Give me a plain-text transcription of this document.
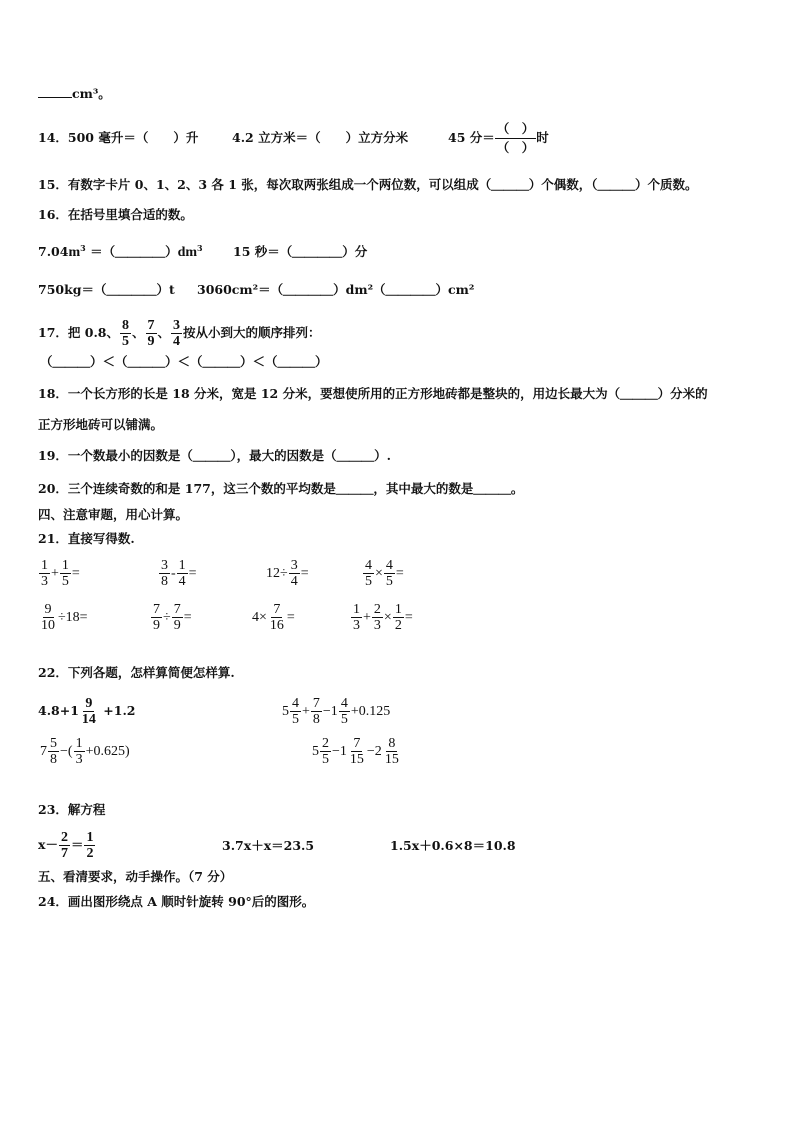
cm³。
14．500 毫升＝（　　）升	4.2 立方米＝（　　）立方分米	45 分＝
（　）
（　）
时
15．有数字卡片 0、1、2、3 各 1 张，每次取两张组成一个两位数，可以组成（＿＿＿）个偶数，（＿＿＿）个质数。
16．在括号里填合适的数。
$7.04m^3$ $=(\_\_\_\_)dm^3$ 15 秒＝（＿＿＿＿）分
750kg＝（＿＿＿＿）t 3060cm²＝（＿＿＿＿）dm²（＿＿＿＿）cm²
17．把 0.8、 $\frac{8}{5}$ 、 $\frac{7}{9}$ 、 $\frac{3}{4}$ 按从小到大的顺序排列：
（＿＿＿）＜（＿＿＿）＜（＿＿＿）＜（＿＿＿）
18．一个长方形的长是 18 分米，宽是 12 分米，要想使所用的正方形地砖都是整块的，用边长最大为（＿＿＿）分米的
正方形地砖可以铺满。
19．一个数最小的因数是（＿＿＿），最大的因数是（＿＿＿）.
20．三个连续奇数的和是 177，这三个数的平均数是＿＿＿，其中最大的数是＿＿＿。
四、注意审题，用心计算。
21．直接写得数.
$\frac{1}{3} + \frac{1}{5}$ =	$\frac{3}{8} - \frac{1}{4}$ =	$12\div \frac{3}{4}$ =	$\frac{4}{5} \times \frac{4}{5}$ =
$\frac{9}{10} \div 18=$	$\frac{7}{9} \div \frac{7}{9}$ =	$4\times \frac{7}{16}$ =	$\frac{1}{3} + \frac{2}{3} \times \frac{1}{2}$ =
22．下列各题，怎样算简便怎样算.
$4.8+1 \frac{9}{14} +1.2$	$5 \frac{4}{5} + \frac{7}{8} -1 \frac{4}{5} +0.125$
$7 \frac{5}{8}$ −( $\frac{1}{3} +0.625$)	$5 \frac{2}{5} -1 \frac{7}{15} -2 \frac{8}{15}$
23．解方程
$x- \frac{2}{7} = \frac{1}{2}$	3.7x＋x＝23.5	1.5x＋0.6×8＝10.8
五、看清要求，动手操作。（7 分）
24．画出图形绕点 A 顺时针旋转 90°后的图形。
